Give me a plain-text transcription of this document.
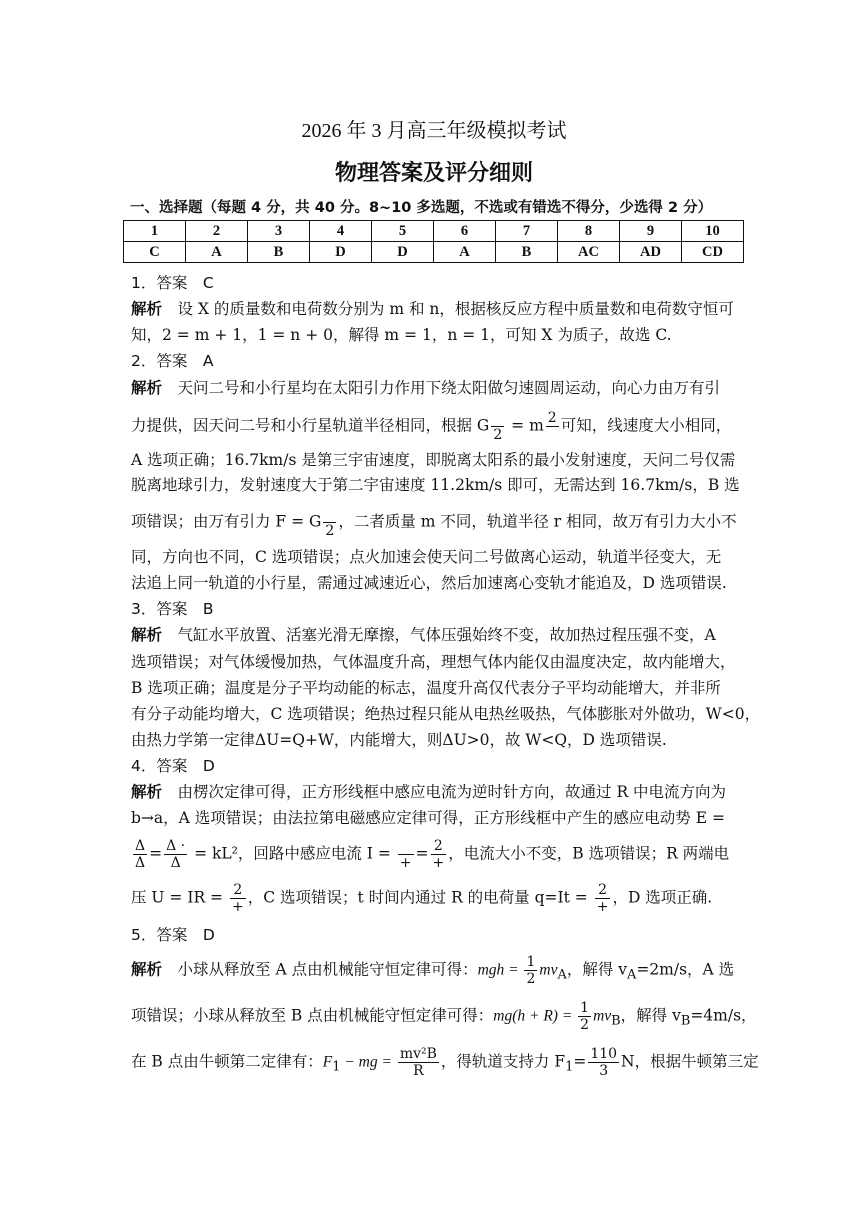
2026 年 3 月高三年级模拟考试
物理答案及评分细则
一、选择题（每题 4 分，共 40 分。8~10 多选题，不选或有错选不得分，少选得 2 分）
1	2	3	4	5	6	7	8	9	10
C	A	B	D	D	A	B	AC	AD	CD
1．答案　C
解析　设 X 的质量数和电荷数分别为 m 和 n，根据核反应方程中质量数和电荷数守恒可
知，2 = m + 1，1 = n + 0，解得 m = 1，n = 1，可知 X 为质子，故选 C.
2．答案　A
解析　天问二号和小行星均在太阳引力作用下绕太阳做匀速圆周运动，向心力由万有引
力提供，因天问二号和小行星轨道半径相同，根据 G

2
= m 2
可知，线速度大小相同，
A 选项正确；16.7km/s 是第三宇宙速度，即脱离太阳系的最小发射速度，天问二号仅需
脱离地球引力，发射速度大于第二宇宙速度 11.2km/s 即可，无需达到 16.7km/s，B 选
项错误；由万有引力 F = G

2
，二者质量 m 不同，轨道半径 r 相同，故万有引力大小不
同，方向也不同，C 选项错误；点火加速会使天问二号做离心运动，轨道半径变大，无
法追上同一轨道的小行星，需通过减速近心，然后加速离心变轨才能追及，D 选项错误.
3．答案　B
解析　气缸水平放置、活塞光滑无摩擦，气体压强始终不变，故加热过程压强不变，A
选项错误；对气体缓慢加热，气体温度升高，理想气体内能仅由温度决定，故内能增大，
B 选项正确；温度是分子平均动能的标志，温度升高仅代表分子平均动能增大，并非所
有分子动能均增大，C 选项错误；绝热过程只能从电热丝吸热，气体膨胀对外做功，W<0，
由热力学第一定律ΔU=Q+W，内能增大，则ΔU>0，故 W<Q，D 选项错误.
4．答案　D
解析　由楞次定律可得，正方形线框中感应电流为逆时针方向，故通过 R 中电流方向为
b→a，A 选项错误；由法拉第电磁感应定律可得，正方形线框中产生的感应电动势 E =
$\frac{\Delta}{\Delta} = \frac{\Delta \cdot}{\Delta} = kL^2$，回路中感应电流 I =

+
= $\frac{2}{+}$ ，电流大小不变，B 选项错误；R 两端电
压 U = IR = $\frac{2}{+}$ ，C 选项错误；t 时间内通过 R 的电荷量 $q=It = \frac{2}{+}$ ，D 选项正确.
5．答案　D
解析　小球从释放至 A 点由机械能守恒定律可得：mgh = $\frac{1}{2} mv_A$，解得 $v_A=2m/s$，A 选
项错误；小球从释放至 B 点由机械能守恒定律可得：$mg(h + R) = \frac{1}{2} mv_B$，解得 $v_B=4m/s$，
在 B 点由牛顿第二定律有：$F_1$ − mg = $\frac{\text{mv²B}}{R}$ ，得轨道支持力 $F_1= \frac{110}{3}$ N，根据牛顿第三定
